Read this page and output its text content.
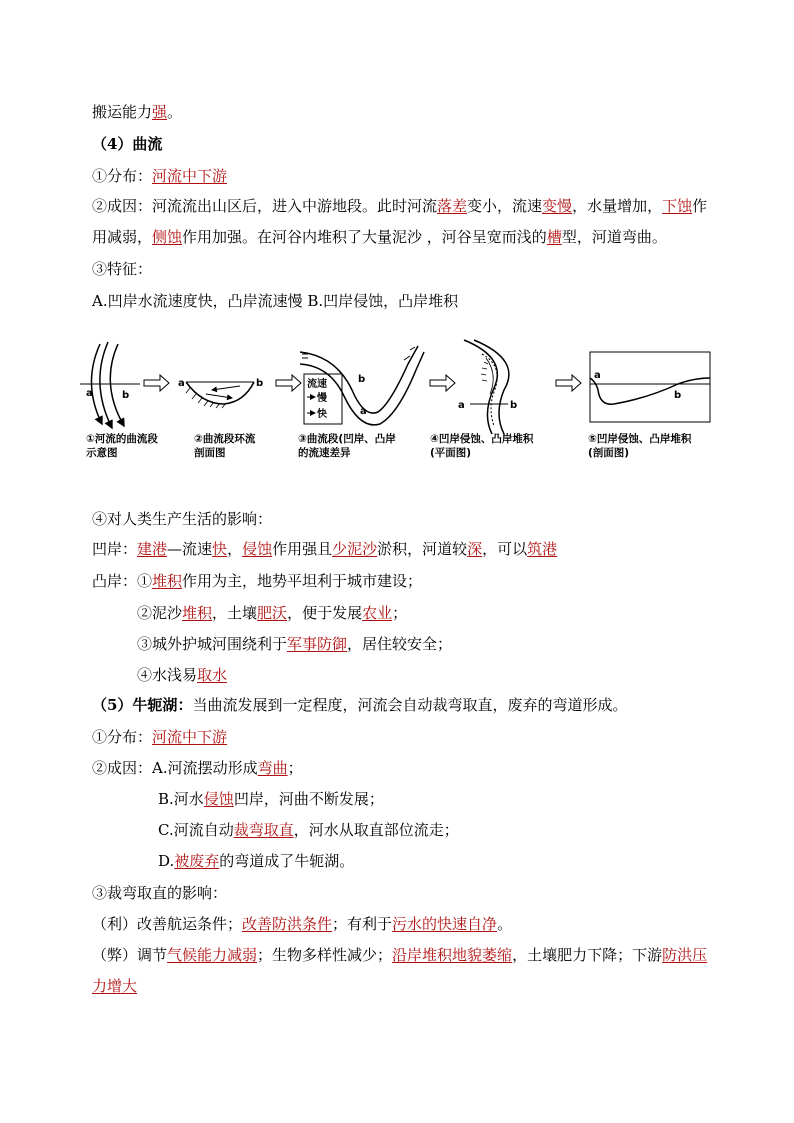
搬运能力强。
（4）曲流
①分布：河流中下游
②成因：河流流出山区后，进入中游地段。此时河流落差变小，流速变慢，水量增加，下蚀作用减弱，侧蚀作用加强。在河谷内堆积了大量泥沙 ，河谷呈宽而浅的槽型，河道弯曲。
③特征：
A.凹岸水流速度快，凸岸流速慢 B.凹岸侵蚀，凸岸堆积
a	b
a	b	流速
慢
快
b
a
a	b
a
b
①河流的曲流段
示意图
②曲流段环流
剖面图
③曲流段(凹岸、凸岸
的流速差异
④凹岸侵蚀、凸岸堆积
(平面图)
⑤凹岸侵蚀、凸岸堆积
(剖面图)
④对人类生产生活的影响：
凹岸：建港—流速快，侵蚀作用强且少泥沙淤积，河道较深，可以筑港
凸岸：①堆积作用为主，地势平坦利于城市建设；
②泥沙堆积，土壤肥沃，便于发展农业；
③城外护城河围绕利于军事防御，居住较安全；
④水浅易取水
（5）牛轭湖：当曲流发展到一定程度，河流会自动裁弯取直，废弃的弯道形成。
①分布：河流中下游
②成因：A.河流摆动形成弯曲；
B.河水侵蚀凹岸，河曲不断发展；
C.河流自动裁弯取直，河水从取直部位流走；
D.被废弃的弯道成了牛轭湖。
③裁弯取直的影响：
（利）改善航运条件；改善防洪条件；有利于污水的快速自净。
（弊）调节气候能力减弱；生物多样性减少；沿岸堆积地貌萎缩，土壤肥力下降；下游防洪压力增大
